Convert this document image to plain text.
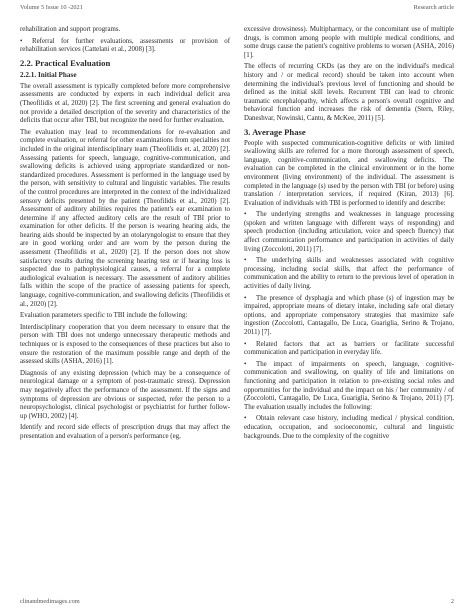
Volume 5 Issue 10 -2021	Research article

rehabilitation and support programs.

• Referral for further evaluations, assessments or provision of rehabilitation services (Cattelani et al., 2008) [3].

2.2. Practical Evaluation
2.2.1. Initial Phase

The overall assessment is typically completed before more comprehensive assessments are conducted by experts in each individual deficit area (Theofilidis et al, 2020) [2]. The first screening and general evaluation do not provide a detailed description of the severity and characteristics of the deficits that occur after TBI, but recognize the need for further evaluation.

The evaluation may lead to recommendations for re-evaluation and complete evaluation, or referral for other examinations from specialties not included in the original interdisciplinary team (Theofilidis et. al, 2020) [2]. Assessing patients for speech, language, cognitive-communication, and swallowing deficits is achieved using appropriate standardized or non-standardized procedures. Assessment is performed in the language used by the person, with sensitivity to cultural and linguistic variables. The results of the control procedures are interpreted in the context of the individualized sensory deficits presented by the patient (Theofilidis et al., 2020) [2]. Assessment of auditory abilities requires the patient's ear examination to determine if any affected auditory cells are the result of TBI prior to examination for other deficits. If the person is wearing hearing aids, the hearing aids should be inspected by an otolaryngologist to ensure that they are in good working order and are worn by the person during the assessment (Theofilidis et al., 2020) [2]. If the person does not show satisfactory results during the screening hearing test or if hearing loss is suspected due to pathophysiological causes, a referral for a complete audiological evaluation is necessary. The assessment of auditory abilities falls within the scope of the practice of assessing patients for speech, language, cognitive-communication, and swallowing deficits (Theofilidis et al., 2020) [2].

Evaluation parameters specific to TBI include the following:

Interdisciplinary cooperation that you deem necessary to ensure that the person with TBI does not undergo unnecessary therapeutic methods and techniques or is exposed to the consequences of these practices but also to ensure the restoration of the maximum possible range and depth of the assessed skills (ASHA, 2016) [1].

Diagnosis of any existing depression (which may be a consequence of neurological damage or a symptom of post-traumatic stress). Depression may negatively affect the performance of the assessment. If the signs and symptoms of depression are obvious or suspected, refer the person to a neuropsychologist, clinical psychologist or psychiatrist for further follow-up (WHO, 2002) [4].

Identify and record side effects of prescription drugs that may affect the presentation and evaluation of a person's performance (eg,

excessive drowsiness). Multipharmacy, or the concomitant use of multiple drugs, is common among people with multiple medical conditions, and some drugs cause the patient's cognitive problems to worsen (ASHA, 2016) [1].

The effects of recurring CKDs (as they are on the individual's medical history and / or medical record) should be taken into account when determining the individual's previous level of functioning and should be defined as the initial skill levels. Recurrent TBI can lead to chronic traumatic encephalopathy, which affects a person's overall cognitive and behavioral function and increases the risk of dementia (Stern, Riley, Daneshvar, Nowinski, Cantu, & McKee, 2011) [5].

3. Average Phase

People with suspected communication-cognitive deficits or with limited swallowing skills are referred for a more thorough assessment of speech, language, cognitive-communication, and swallowing deficits. The evaluation can be completed in the clinical environment or in the home environment (living environment) of the individual. The assessment is completed in the language (s) used by the person with TBI (or before) using translation / interpretation services, if required (Kiran, 2013) [6]. Evaluation of individuals with TBI is performed to identify and describe:

• The underlying strengths and weaknesses in language processing (spoken and written language with different ways of responding) and speech production (including articulation, voice and speech fluency) that affect communication performance and participation in activities of daily living (Zoccolotti, 2011) [7].

• The underlying skills and weaknesses associated with cognitive processing, including social skills, that affect the performance of communication and the ability to return to the previous level of operation in activities of daily living.

• The presence of dysphagia and which phase (s) of ingestion may be impaired, appropriate means of dietary intake, including safe oral dietary options, and appropriate compensatory strategies that maximize safe ingestion (Zoccolotti, Cantagallo, De Luca, Guariglia, Serino & Trojano, 2011) [7].

• Related factors that act as barriers or facilitate successful communication and participation in everyday life.

• The impact of impairments on speech, language, cognitive-communication and swallowing, on quality of life and limitations on functioning and participation in relation to pre-existing social roles and opportunities for the individual and the impact on his / her community / of (Zoccolotti, Cantagallo, De Luca, Guariglia, Serino & Trojano, 2011) [7]. The evaluation usually includes the following:

• Obtain relevant case history, including medical / physical condition, education, occupation, and socioeconomic, cultural and linguistic backgrounds. Due to the complexity of the cognitive

clinandmedimages.com	2
